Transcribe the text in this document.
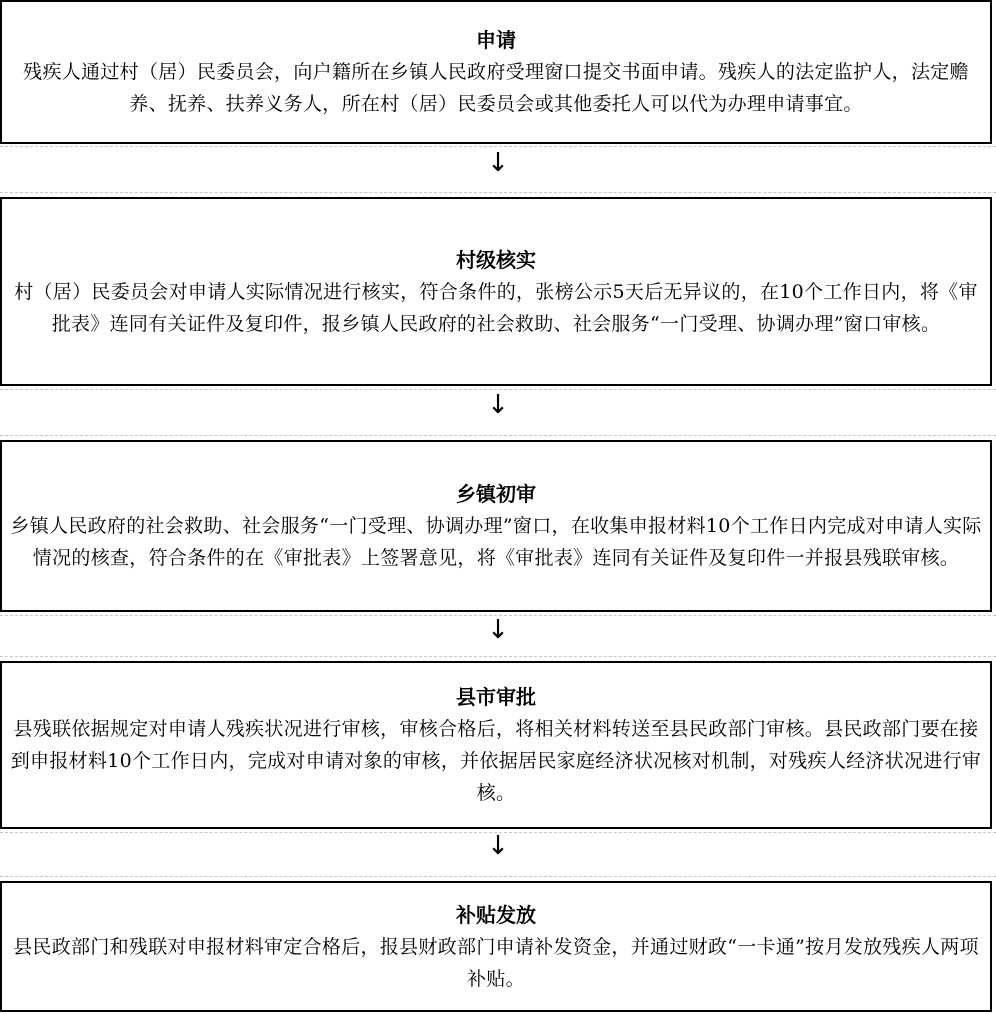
申请
残疾人通过村（居）民委员会，向户籍所在乡镇人民政府受理窗口提交书面申请。残疾人的法定监护人，法定赡养、抚养、扶养义务人，所在村（居）民委员会或其他委托人可以代为办理申请事宜。
↓
村级核实
村（居）民委员会对申请人实际情况进行核实，符合条件的，张榜公示5天后无异议的，在10个工作日内，将《审批表》连同有关证件及复印件，报乡镇人民政府的社会救助、社会服务“一门受理、协调办理”窗口审核。
↓
乡镇初审
乡镇人民政府的社会救助、社会服务“一门受理、协调办理”窗口，在收集申报材料10个工作日内完成对申请人实际情况的核查，符合条件的在《审批表》上签署意见，将《审批表》连同有关证件及复印件一并报县残联审核。
↓
县市审批
县残联依据规定对申请人残疾状况进行审核，审核合格后，将相关材料转送至县民政部门审核。县民政部门要在接到申报材料10个工作日内，完成对申请对象的审核，并依据居民家庭经济状况核对机制，对残疾人经济状况进行审核。
↓
补贴发放
县民政部门和残联对申报材料审定合格后，报县财政部门申请补发资金，并通过财政“一卡通”按月发放残疾人两项补贴。
